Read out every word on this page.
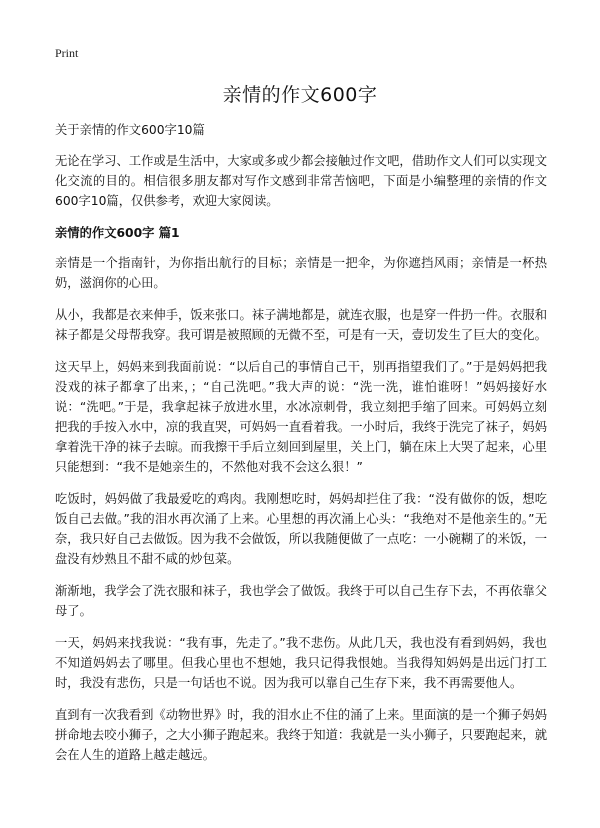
Print
亲情的作文600字

关于亲情的作文600字10篇

无论在学习、工作或是生活中，大家或多或少都会接触过作文吧，借助作文人们可以实现文化交流的目的。相信很多朋友都对写作文感到非常苦恼吧，下面是小编整理的亲情的作文600字10篇，仅供参考，欢迎大家阅读。

亲情的作文600字 篇1

亲情是一个指南针，为你指出航行的目标；亲情是一把伞，为你遮挡风雨；亲情是一杯热奶，滋润你的心田。

从小，我都是衣来伸手，饭来张口。袜子满地都是，就连衣服，也是穿一件扔一件。衣服和袜子都是父母帮我穿。我可谓是被照顾的无微不至，可是有一天，壹切发生了巨大的变化。

这天早上，妈妈来到我面前说：“以后自己的事情自己干，别再指望我们了。”于是妈妈把我没戏的袜子都拿了出来，；“自己洗吧。”我大声的说：“洗一洗，谁怕谁呀！”妈妈接好水说：“洗吧。”于是，我拿起袜子放进水里，水冰凉刺骨，我立刻把手缩了回来。可妈妈立刻把我的手按入水中，凉的我直哭，可妈妈一直看着我。一小时后，我终于洗完了袜子，妈妈拿着洗干净的袜子去晾。而我擦干手后立刻回到屋里，关上门，躺在床上大哭了起来，心里只能想到：“我不是她亲生的，不然他对我不会这么狠！”

吃饭时，妈妈做了我最爱吃的鸡肉。我刚想吃时，妈妈却拦住了我：“没有做你的饭，想吃饭自己去做。”我的泪水再次涌了上来。心里想的再次涌上心头：“我绝对不是他亲生的。”无奈，我只好自己去做饭。因为我不会做饭，所以我随便做了一点吃：一小碗糊了的米饭，一盘没有炒熟且不甜不咸的炒包菜。

渐渐地，我学会了洗衣服和袜子，我也学会了做饭。我终于可以自己生存下去，不再依靠父母了。

一天，妈妈来找我说：“我有事，先走了。”我不悲伤。从此几天，我也没有看到妈妈，我也不知道妈妈去了哪里。但我心里也不想她，我只记得我恨她。当我得知妈妈是出远门打工时，我没有悲伤，只是一句话也不说。因为我可以靠自己生存下来，我不再需要他人。

直到有一次我看到《动物世界》时，我的泪水止不住的涌了上来。里面演的是一个狮子妈妈拼命地去咬小狮子，之大小狮子跑起来。我终于知道：我就是一头小狮子，只要跑起来，就会在人生的道路上越走越远。
